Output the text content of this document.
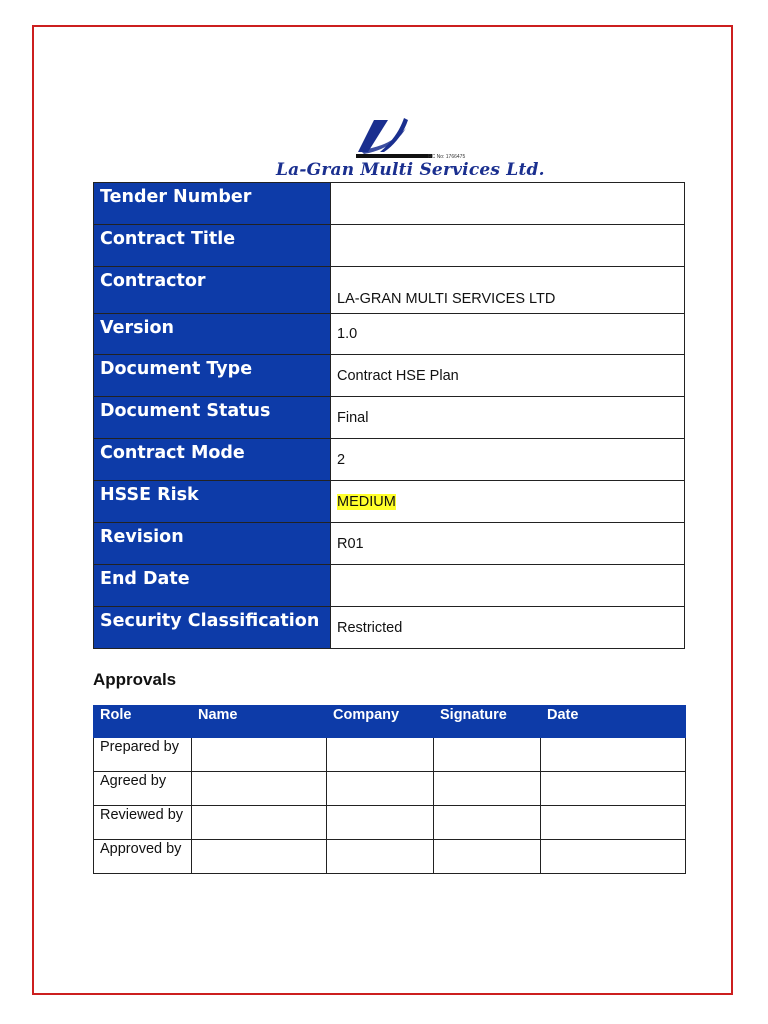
RC No: 1766475
La-Gran Multi Services Ltd.
Tender Number	
Contract Title	
Contractor	LA-GRAN MULTI SERVICES LTD
Version	1.0
Document Type	Contract HSE Plan
Document Status	Final
Contract Mode	2
HSSE Risk	MEDIUM
Revision	R01
End Date	
Security Classification	Restricted
Approvals
Role	Name	Company	Signature	Date
Prepared by				
Agreed by				
Reviewed by				
Approved by				
